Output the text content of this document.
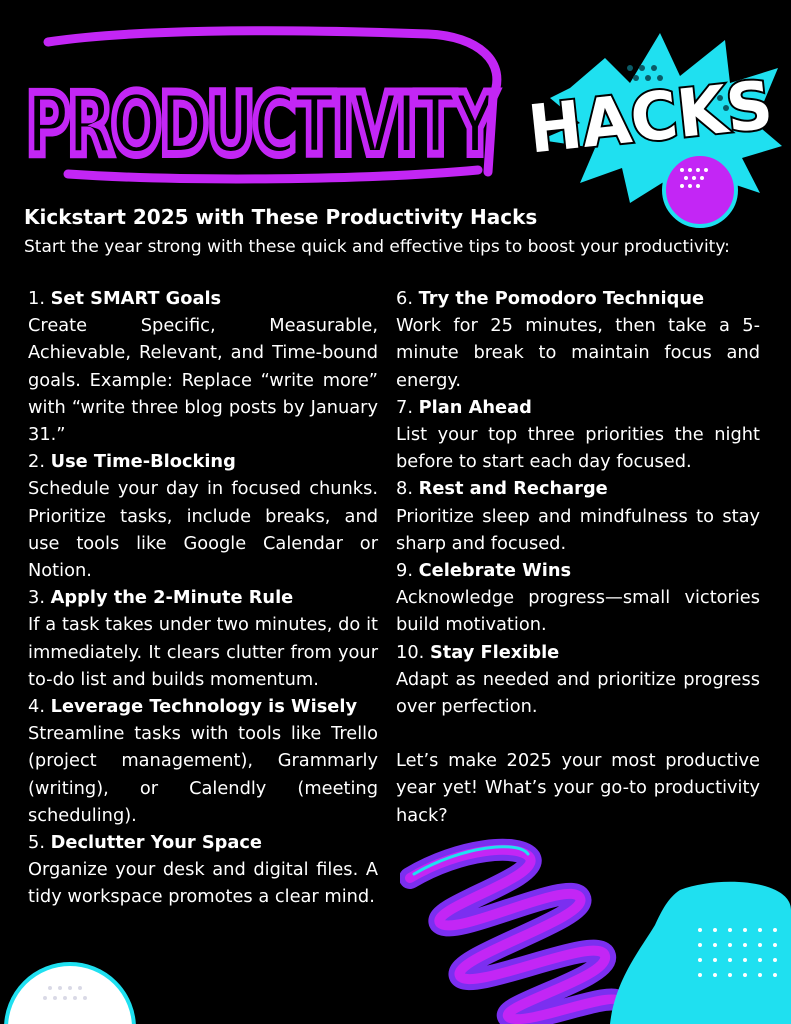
PRODUCTIVITY HACKS
Kickstart 2025 with These Productivity Hacks

Start the year strong with these quick and effective tips to boost your productivity:

1. Set SMART Goals

Create Specific, Measurable, Achievable, Relevant, and Time-bound goals. Example: Replace “write more” with “write three blog posts by January 31.”

2. Use Time-Blocking

Schedule your day in focused chunks. Prioritize tasks, include breaks, and use tools like Google Calendar or Notion.

3. Apply the 2-Minute Rule

If a task takes under two minutes, do it immediately. It clears clutter from your to-do list and builds momentum.

4. Leverage Technology is Wisely

Streamline tasks with tools like Trello (project management), Grammarly (writing), or Calendly (meeting scheduling).

5. Declutter Your Space

Organize your desk and digital files. A tidy workspace promotes a clear mind.

6. Try the Pomodoro Technique

Work for 25 minutes, then take a 5-minute break to maintain focus and energy.

7. Plan Ahead

List your top three priorities the night before to start each day focused.

8. Rest and Recharge

Prioritize sleep and mindfulness to stay sharp and focused.

9. Celebrate Wins

Acknowledge progress—small victories build motivation.

10. Stay Flexible

Adapt as needed and prioritize progress over perfection.

Let’s make 2025 your most productive year yet! What’s your go-to productivity hack?
